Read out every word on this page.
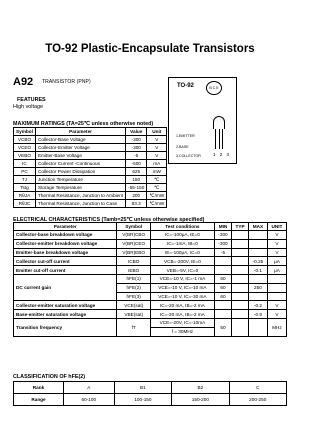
TO-92 Plastic-Encapsulate Transistors
A92 TRANSISTOR (PNP)
FEATURES
High voltage
TO-92	B C E
1.EMITTER
2.BASE
3.COLLECTOR	1 2 3
MAXIMUM RATINGS (TA=25℃ unless otherwise noted)
Symbol	Parameter	Value	Unit
VCBO	Collector-Base Voltage	-300	V
VCEO	Collector-Emitter Voltage	-300	V
VEBO	Emitter-Base Voltage	-5	V
IC	Collector Current -Continuous	-500	mA
PC	Collector Power Dissipation	625	mW
TJ	Junction Temperature	150	℃
Tstg	Storage Temperature	-55-150	℃
RθJA	Thermal Resistance, Junction to Ambient	200	℃/mW
RθJC	Thermal Resistance, Junction to Case	83.3	℃/mW
ELECTRICAL CHARACTERISTICS (Tamb=25℃ unless otherwise specified)
Parameter	Symbol	Test conditions	MIN	TYP	MAX	UNIT
Collector-base breakdown voltage	V(BR)CBO	IC=-100μA, IE=0	-300			V
Collector-emitter breakdown voltage	V(BR)CEO	IC=-1mA, IB=0	-300			V
Emitter-base breakdown voltage	V(BR)EBO	IE=-100μA, IC=0	-5			V
Collector cut-off current	ICBO	VCB=-200V, IE=0			-0.25	μA
Emitter cut-off current	IEBO	VEB=-5V, IC=0			-0.1	μA
DC current gain	hFE(1)	VCE=-10 V, IC=-1 mA	60			
	hFE(2)	VCE=-10 V, IC=-10 mA	60		250	
	hFE(3)	VCE=-10 V, IC=-30 mA	60			
Collector-emitter saturation voltage	VCE(sat)	IC=-20 mA, IB=-2 mA			-0.2	V
Base-emitter saturation voltage	VBE(sat)	IC=-20 mA, IB=-2 mA			-0.9	V
Transition frequency	fT	VCE=-20V, IC=-10mA	50			MHz
		f = 30MHz				
CLASSIFICATION OF hFE(2)
Rank	A	B1	B2	C
Range	60-100	100-150	150-200	200-250
